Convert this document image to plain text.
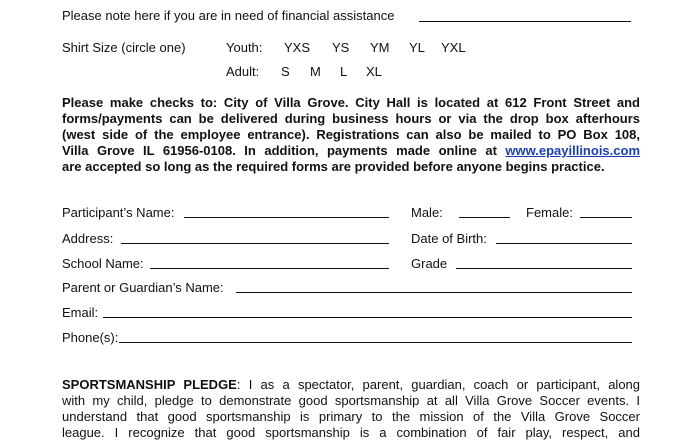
Please note here if you are in need of financial assistance
Shirt Size (circle one)	Youth: YXS YS YM YL YXL
Adult: S M L XL
Please make checks to: City of Villa Grove. City Hall is located at 612 Front Street and
forms/payments can be delivered during business hours or via the drop box afterhours
(west side of the employee entrance). Registrations can also be mailed to PO Box 108,
Villa Grove IL 61956-0108. In addition, payments made online at www.epayillinois.com
are accepted so long as the required forms are provided before anyone begins practice.
Participant’s Name:	Male:	Female:
Address:	Date of Birth:
School Name:	Grade
Parent or Guardian’s Name:
Email:
Phone(s):
SPORTSMANSHIP PLEDGE: I as a spectator, parent, guardian, coach or participant, along
with my child, pledge to demonstrate good sportsmanship at all Villa Grove Soccer events. I
understand that good sportsmanship is primary to the mission of the Villa Grove Soccer
league. I recognize that good sportsmanship is a combination of fair play, respect, and
